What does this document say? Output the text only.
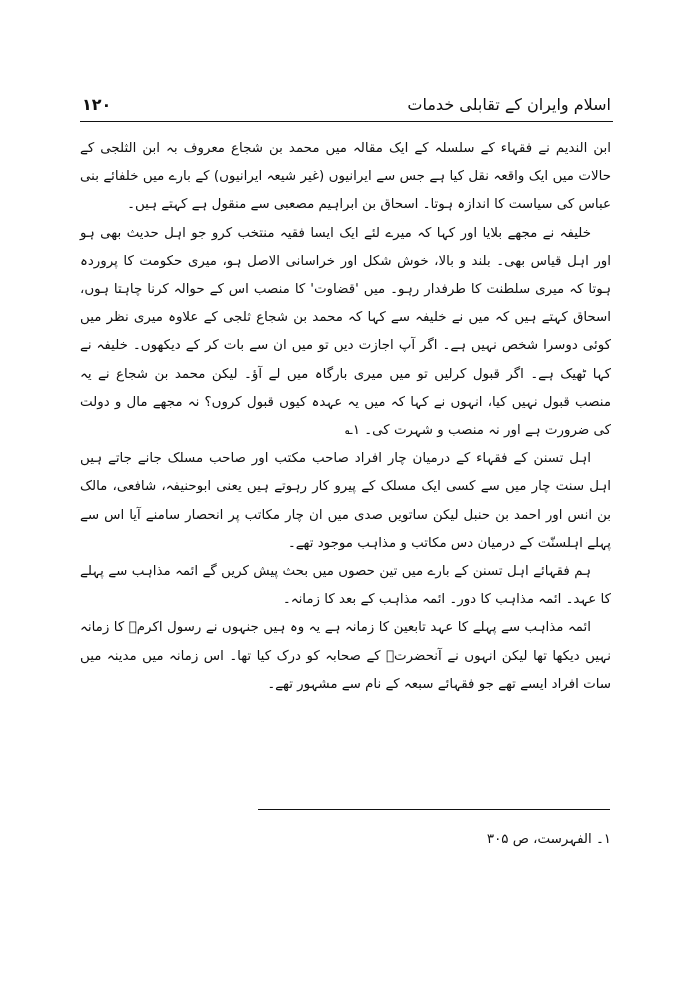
اسلام وایران کے تقابلی خدمات
۱۲۰

ابن الندیم نے فقہاء کے سلسلہ کے ایک مقالہ میں محمد بن شجاع معروف بہ ابن الثلجی کے حالات میں ایک واقعہ نقل کیا ہے جس سے ایرانیوں (غیر شیعہ ایرانیوں) کے بارے میں خلفائے بنی عباس کی سیاست کا اندازہ ہوتا۔ اسحاق بن ابراہیم مصعبی سے منقول ہے کہتے ہیں۔

خلیفہ نے مجھے بلایا اور کہا کہ میرے لئے ایک ایسا فقیہ منتخب کرو جو اہل حدیث بھی ہو اور اہل قیاس بھی۔ بلند و بالا، خوش شکل اور خراسانی الاصل ہو، میری حکومت کا پروردہ ہوتا کہ میری سلطنت کا طرفدار رہو۔ میں 'قضاوت' کا منصب اس کے حوالہ کرنا چاہتا ہوں، اسحاق کہتے ہیں کہ میں نے خلیفہ سے کہا کہ محمد بن شجاع ثلجی کے علاوہ میری نظر میں کوئی دوسرا شخص نہیں ہے۔ اگر آپ اجازت دیں تو میں ان سے بات کر کے دیکھوں۔ خلیفہ نے کہا ٹھیک ہے۔ اگر قبول کرلیں تو میں میری بارگاہ میں لے آؤ۔ لیکن محمد بن شجاع نے یہ منصب قبول نہیں کیا، انہوں نے کہا کہ میں یہ عہدہ کیوں قبول کروں؟ نہ مجھے مال و دولت کی ضرورت ہے اور نہ منصب و شہرت کی۔ ۱؎

اہل تسنن کے فقہاء کے درمیان چار افراد صاحب مکتب اور صاحب مسلک جانے جاتے ہیں اہل سنت چار میں سے کسی ایک مسلک کے پیرو کار رہوتے ہیں یعنی ابوحنیفہ، شافعی، مالک بن انس اور احمد بن حنبل لیکن ساتویں صدی میں ان چار مکاتب پر انحصار سامنے آیا اس سے پہلے اہلسنّت کے درمیان دس مکاتب و مذاہب موجود تھے۔

ہم فقہائے اہل تسنن کے بارے میں تین حصوں میں بحث پیش کریں گے ائمہ مذاہب سے پہلے کا عہد۔ ائمہ مذاہب کا دور۔ ائمہ مذاہب کے بعد کا زمانہ۔

ائمہ مذاہب سے پہلے کا عہد تابعین کا زمانہ ہے یہ وہ ہیں جنہوں نے رسول اکرمؐ کا زمانہ نہیں دیکھا تھا لیکن انہوں نے آنحضرتؐ کے صحابہ کو درک کیا تھا۔ اس زمانہ میں مدینہ میں سات افراد ایسے تھے جو فقہائے سبعہ کے نام سے مشہور تھے۔

۱۔ الفہرست، ص ۳۰۵
